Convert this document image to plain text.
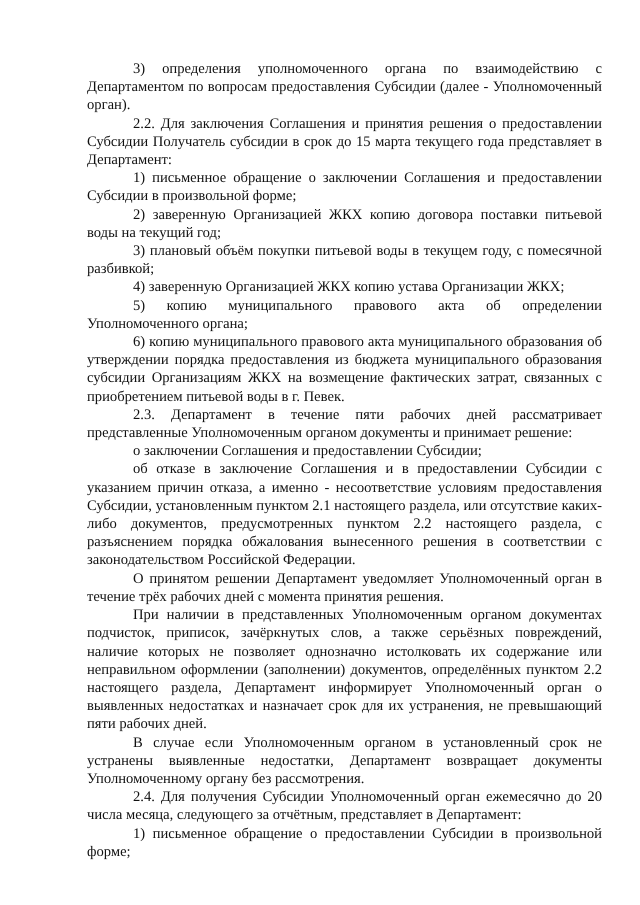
3) определения уполномоченного органа по взаимодействию с Департаментом по вопросам предоставления Субсидии (далее - Уполномоченный орган).

2.2. Для заключения Соглашения и принятия решения о предоставлении Субсидии Получатель субсидии в срок до 15 марта текущего года представляет в Департамент:

1) письменное обращение о заключении Соглашения и предоставлении Субсидии в произвольной форме;

2) заверенную Организацией ЖКХ копию договора поставки питьевой воды на текущий год;

3) плановый объём покупки питьевой воды в текущем году, с помесячной разбивкой;

4) заверенную Организацией ЖКХ копию устава Организации ЖКХ;

5) копию муниципального правового акта об определении Уполномоченного органа;

6) копию муниципального правового акта муниципального образования об утверждении порядка предоставления из бюджета муниципального образования субсидии Организациям ЖКХ на возмещение фактических затрат, связанных с приобретением питьевой воды в г. Певек.

2.3. Департамент в течение пяти рабочих дней рассматривает представленные Уполномоченным органом документы и принимает решение:

о заключении Соглашения и предоставлении Субсидии;

об отказе в заключение Соглашения и в предоставлении Субсидии с указанием причин отказа, а именно - несоответствие условиям предоставления Субсидии, установленным пунктом 2.1 настоящего раздела, или отсутствие каких-либо документов, предусмотренных пунктом 2.2 настоящего раздела, с разъяснением порядка обжалования вынесенного решения в соответствии с законодательством Российской Федерации.

О принятом решении Департамент уведомляет Уполномоченный орган в течение трёх рабочих дней с момента принятия решения.

При наличии в представленных Уполномоченным органом документах подчисток, приписок, зачёркнутых слов, а также серьёзных повреждений, наличие которых не позволяет однозначно истолковать их содержание или неправильном оформлении (заполнении) документов, определённых пунктом 2.2 настоящего раздела, Департамент информирует Уполномоченный орган о выявленных недостатках и назначает срок для их устранения, не превышающий пяти рабочих дней.

В случае если Уполномоченным органом в установленный срок не устранены выявленные недостатки, Департамент возвращает документы Уполномоченному органу без рассмотрения.

2.4. Для получения Субсидии Уполномоченный орган ежемесячно до 20 числа месяца, следующего за отчётным, представляет в Департамент:

1) письменное обращение о предоставлении Субсидии в произвольной форме;
